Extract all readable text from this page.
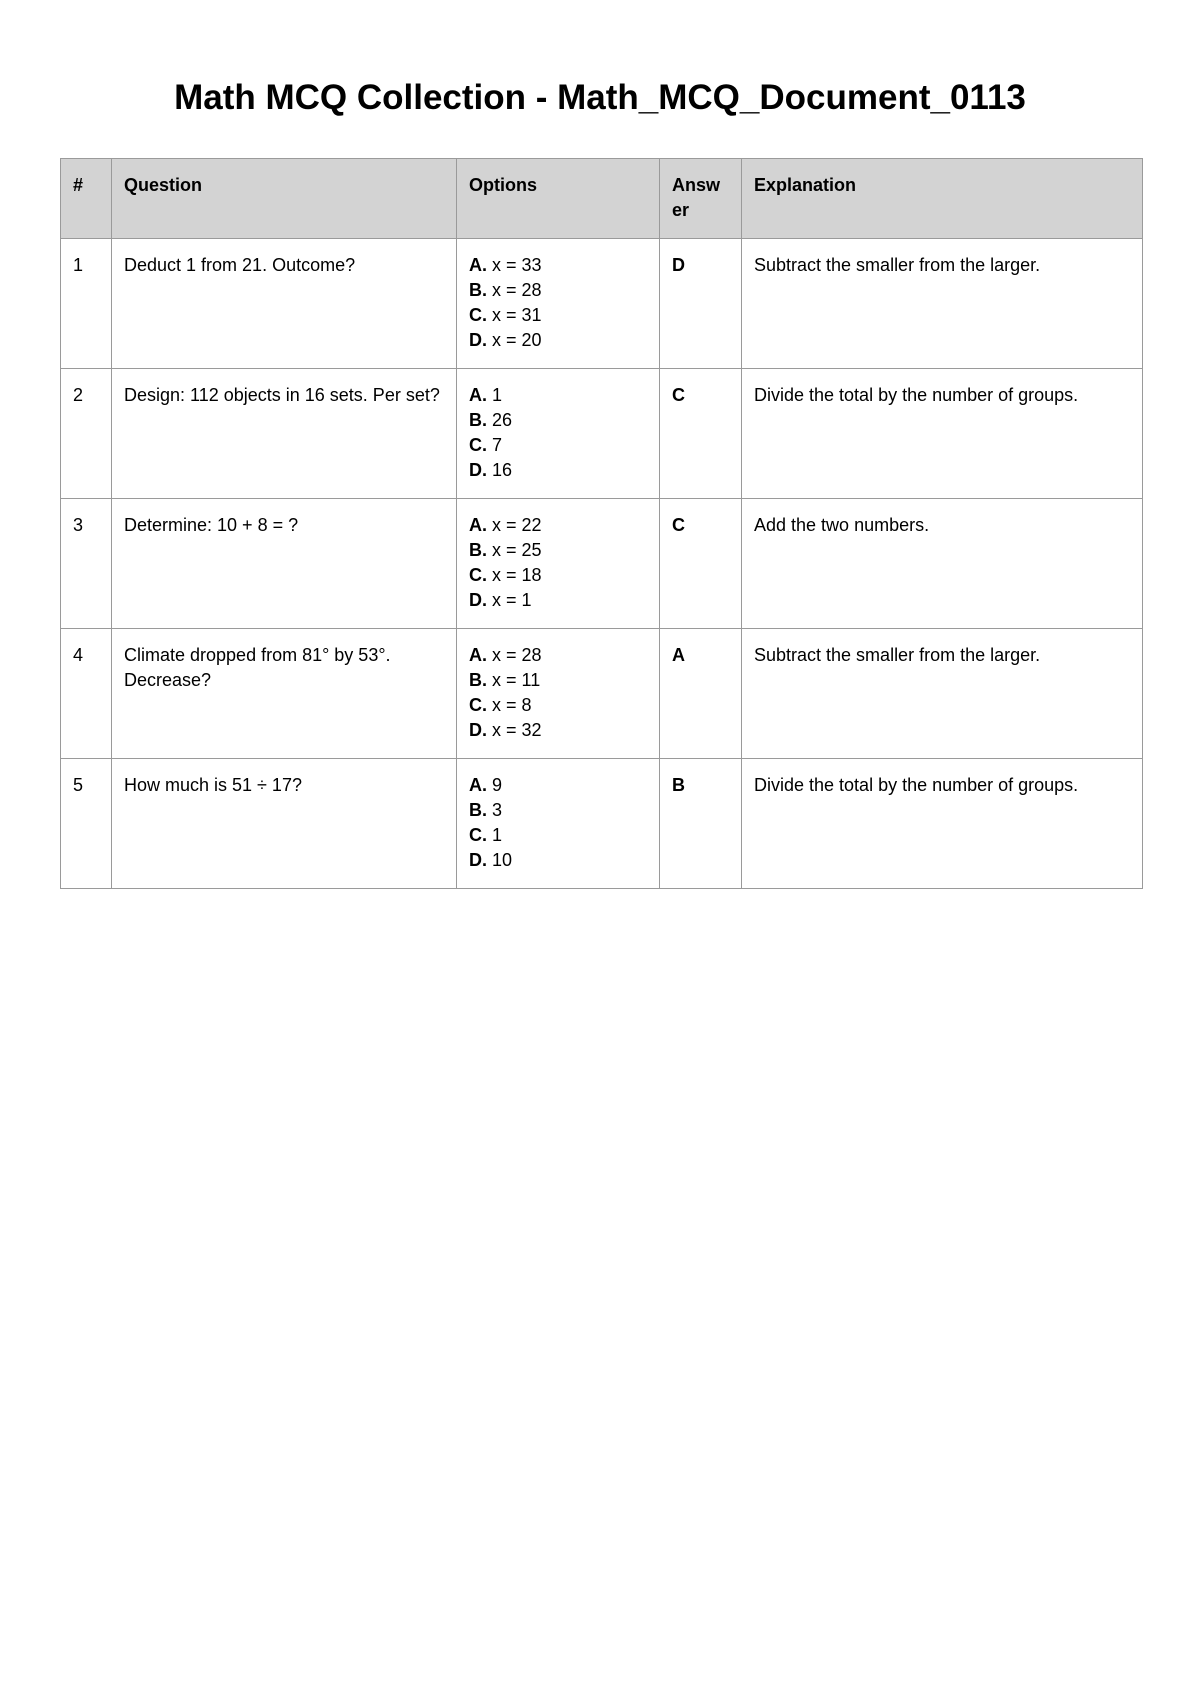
Math MCQ Collection - Math_MCQ_Document_0113
#	Question	Options	Answer	Explanation
1	Deduct 1 from 21. Outcome?	A. x = 33
B. x = 28
C. x = 31
D. x = 20	D	Subtract the smaller from the larger.
2	Design: 112 objects in 16 sets. Per set?	A. 1
B. 26
C. 7
D. 16	C	Divide the total by the number of groups.
3	Determine: 10 + 8 = ?	A. x = 22
B. x = 25
C. x = 18
D. x = 1	C	Add the two numbers.
4	Climate dropped from 81° by 53°. Decrease?	A. x = 28
B. x = 11
C. x = 8
D. x = 32	A	Subtract the smaller from the larger.
5	How much is 51 ÷ 17?	A. 9
B. 3
C. 1
D. 10	B	Divide the total by the number of groups.
